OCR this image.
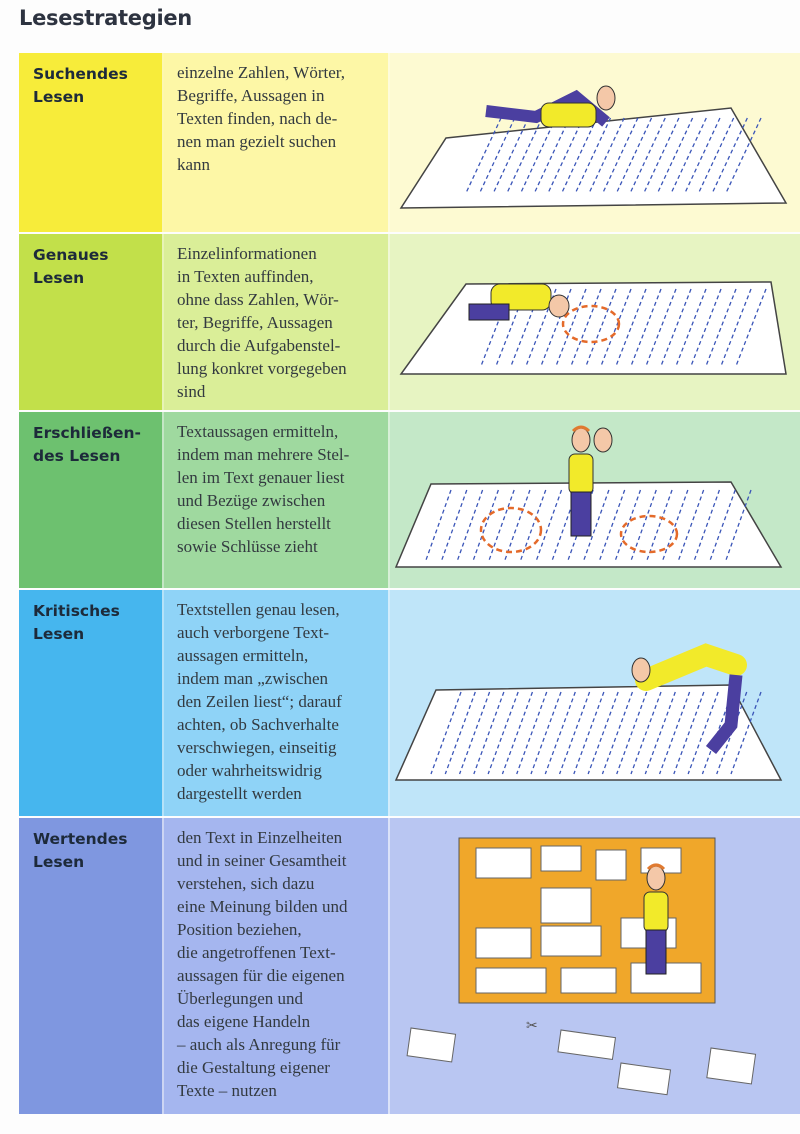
Lesestrategien
Suchendes
Lesen
einzelne Zahlen, Wörter,
Begriffe, Aussagen in
Texten finden, nach de-
nen man gezielt suchen
kann
Genaues
Lesen
Einzelinformationen
in Texten auffinden,
ohne dass Zahlen, Wör-
ter, Begriffe, Aussagen
durch die Aufgabenstel-
lung konkret vorgegeben
sind
Erschließen-
des Lesen
Textaussagen ermitteln,
indem man mehrere Stel-
len im Text genauer liest
und Bezüge zwischen
diesen Stellen herstellt
sowie Schlüsse zieht
Kritisches
Lesen
Textstellen genau lesen,
auch verborgene Text-
aussagen ermitteln,
indem man „zwischen
den Zeilen liest“; darauf
achten, ob Sachverhalte
verschwiegen, einseitig
oder wahrheitswidrig
dargestellt werden
Wertendes
Lesen
den Text in Einzelheiten
und in seiner Gesamtheit
verstehen, sich dazu
eine Meinung bilden und
Position beziehen,
die angetroffenen Text-
aussagen für die eigenen
Überlegungen und
das eigene Handeln
– auch als Anregung für
die Gestaltung eigener
Texte – nutzen
✂
